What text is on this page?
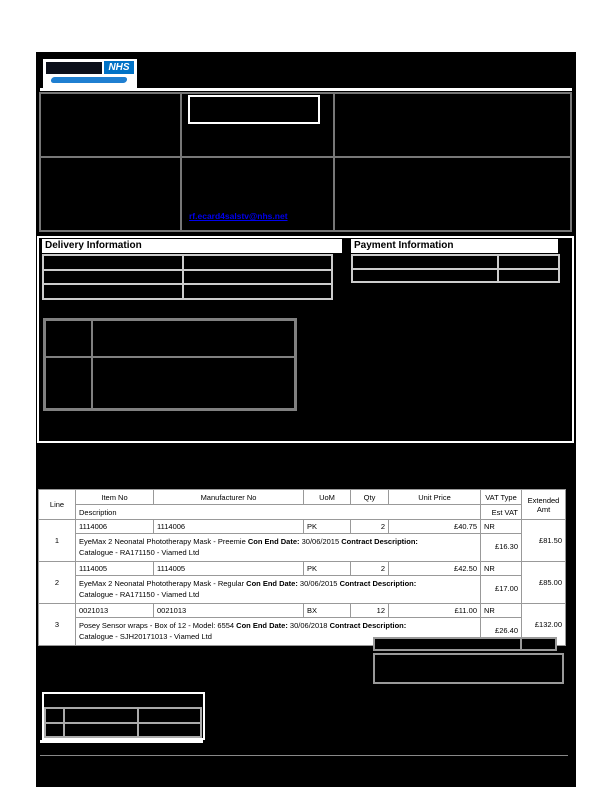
NHS
rf.ecard4salstv@nhs.net
Delivery Information	Payment Information
Line	Item No	Manufacturer No	UoM	Qty	Unit Price	VAT Type	Extended Amt
	Description					Est VAT	
1	1114006	1114006	PK	2	£40.75	NR	£81.50
	EyeMax 2 Neonatal Phototherapy Mask - Preemie Con End Date: 30/06/2015 Contract Description:
Catalogue - RA171150 - Viamed Ltd					£16.30	
2	1114005	1114005	PK	2	£42.50	NR	£85.00
	EyeMax 2 Neonatal Phototherapy Mask - Regular Con End Date: 30/06/2015 Contract Description:
Catalogue - RA171150 - Viamed Ltd					£17.00	
3	0021013	0021013	BX	12	£11.00	NR	£132.00
	Posey Sensor wraps - Box of 12 - Model: 6554 Con End Date: 30/06/2018 Contract Description:
Catalogue - SJH20171013 - Viamed Ltd					£26.40	
